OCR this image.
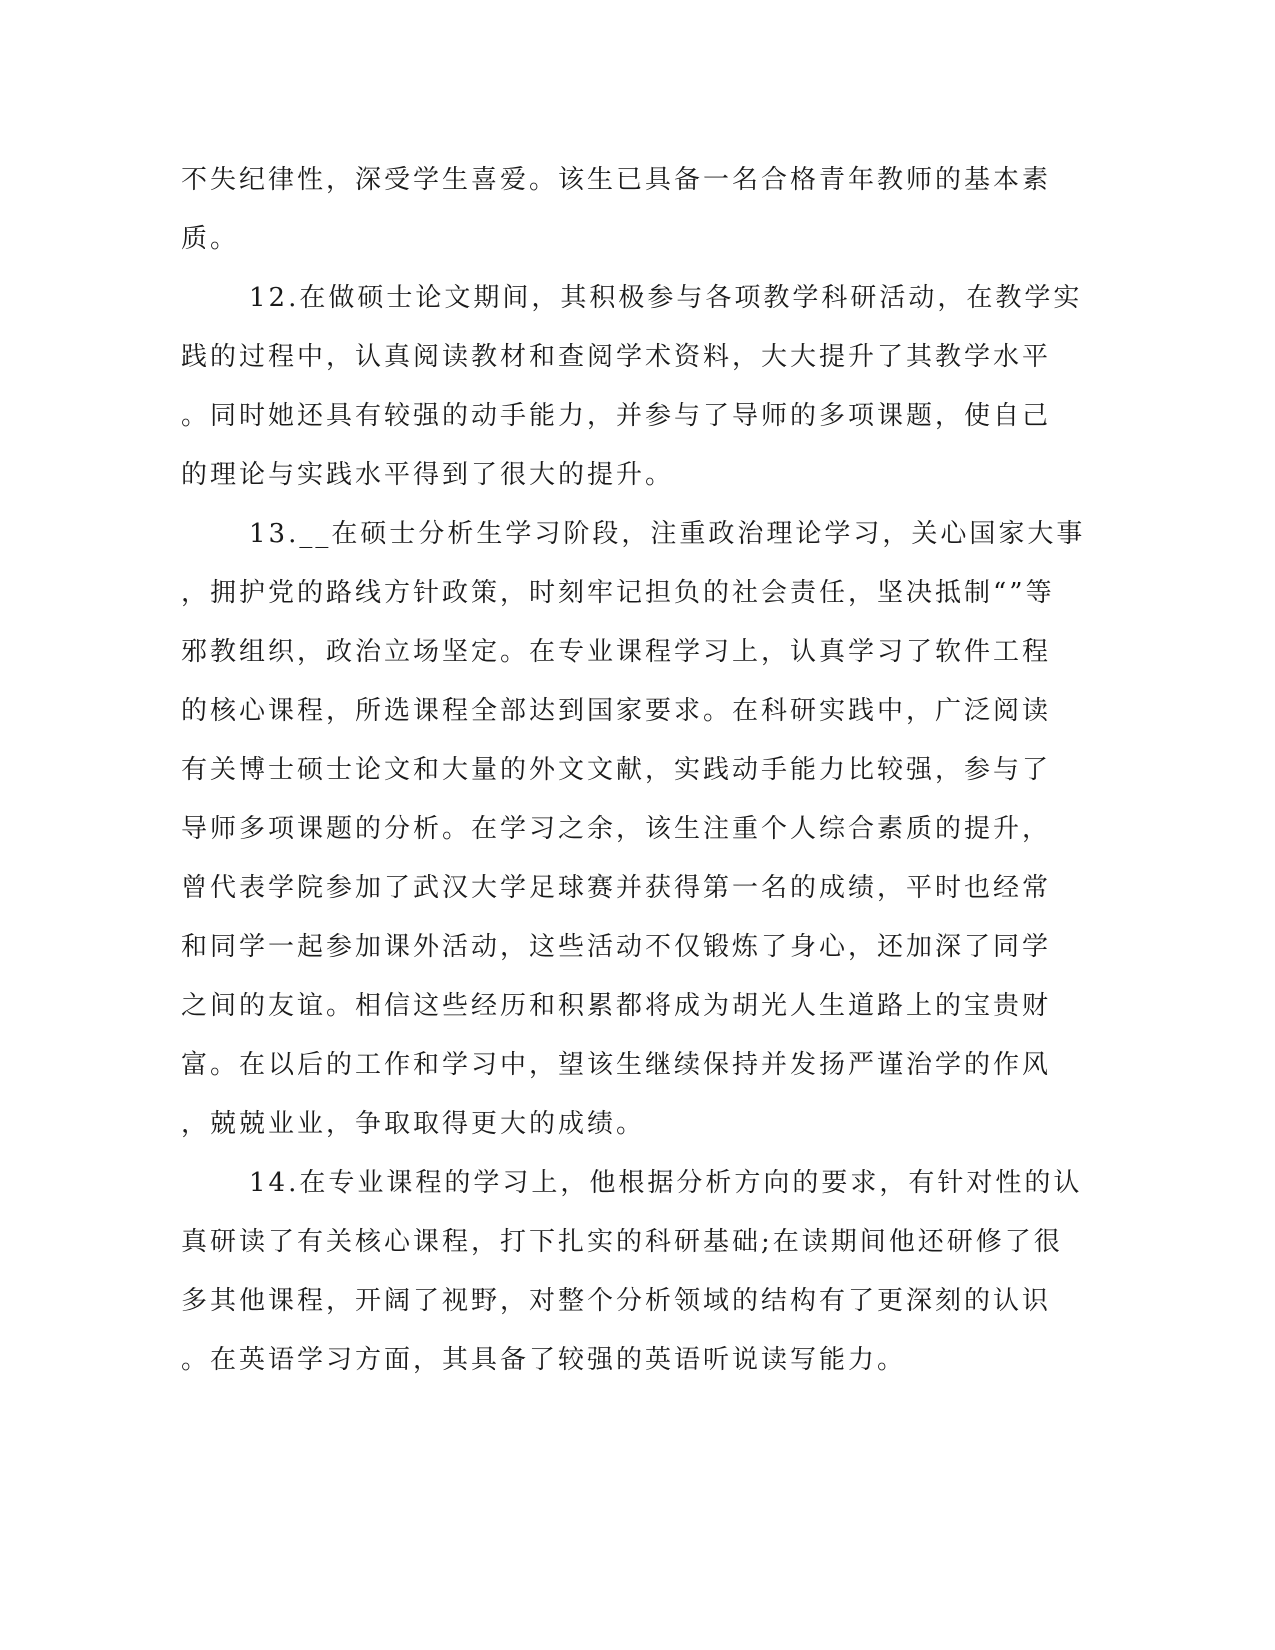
不失纪律性，深受学生喜爱。该生已具备一名合格青年教师的基本素
质。
12.在做硕士论文期间，其积极参与各项教学科研活动，在教学实
践的过程中，认真阅读教材和查阅学术资料，大大提升了其教学水平
。同时她还具有较强的动手能力，并参与了导师的多项课题，使自己
的理论与实践水平得到了很大的提升。
13.__在硕士分析生学习阶段，注重政治理论学习，关心国家大事
，拥护党的路线方针政策，时刻牢记担负的社会责任，坚决抵制“”等
邪教组织，政治立场坚定。在专业课程学习上，认真学习了软件工程
的核心课程，所选课程全部达到国家要求。在科研实践中，广泛阅读
有关博士硕士论文和大量的外文文献，实践动手能力比较强，参与了
导师多项课题的分析。在学习之余，该生注重个人综合素质的提升，
曾代表学院参加了武汉大学足球赛并获得第一名的成绩，平时也经常
和同学一起参加课外活动，这些活动不仅锻炼了身心，还加深了同学
之间的友谊。相信这些经历和积累都将成为胡光人生道路上的宝贵财
富。在以后的工作和学习中，望该生继续保持并发扬严谨治学的作风
，兢兢业业，争取取得更大的成绩。
14.在专业课程的学习上，他根据分析方向的要求，有针对性的认
真研读了有关核心课程，打下扎实的科研基础;在读期间他还研修了很
多其他课程，开阔了视野，对整个分析领域的结构有了更深刻的认识
。在英语学习方面，其具备了较强的英语听说读写能力。
